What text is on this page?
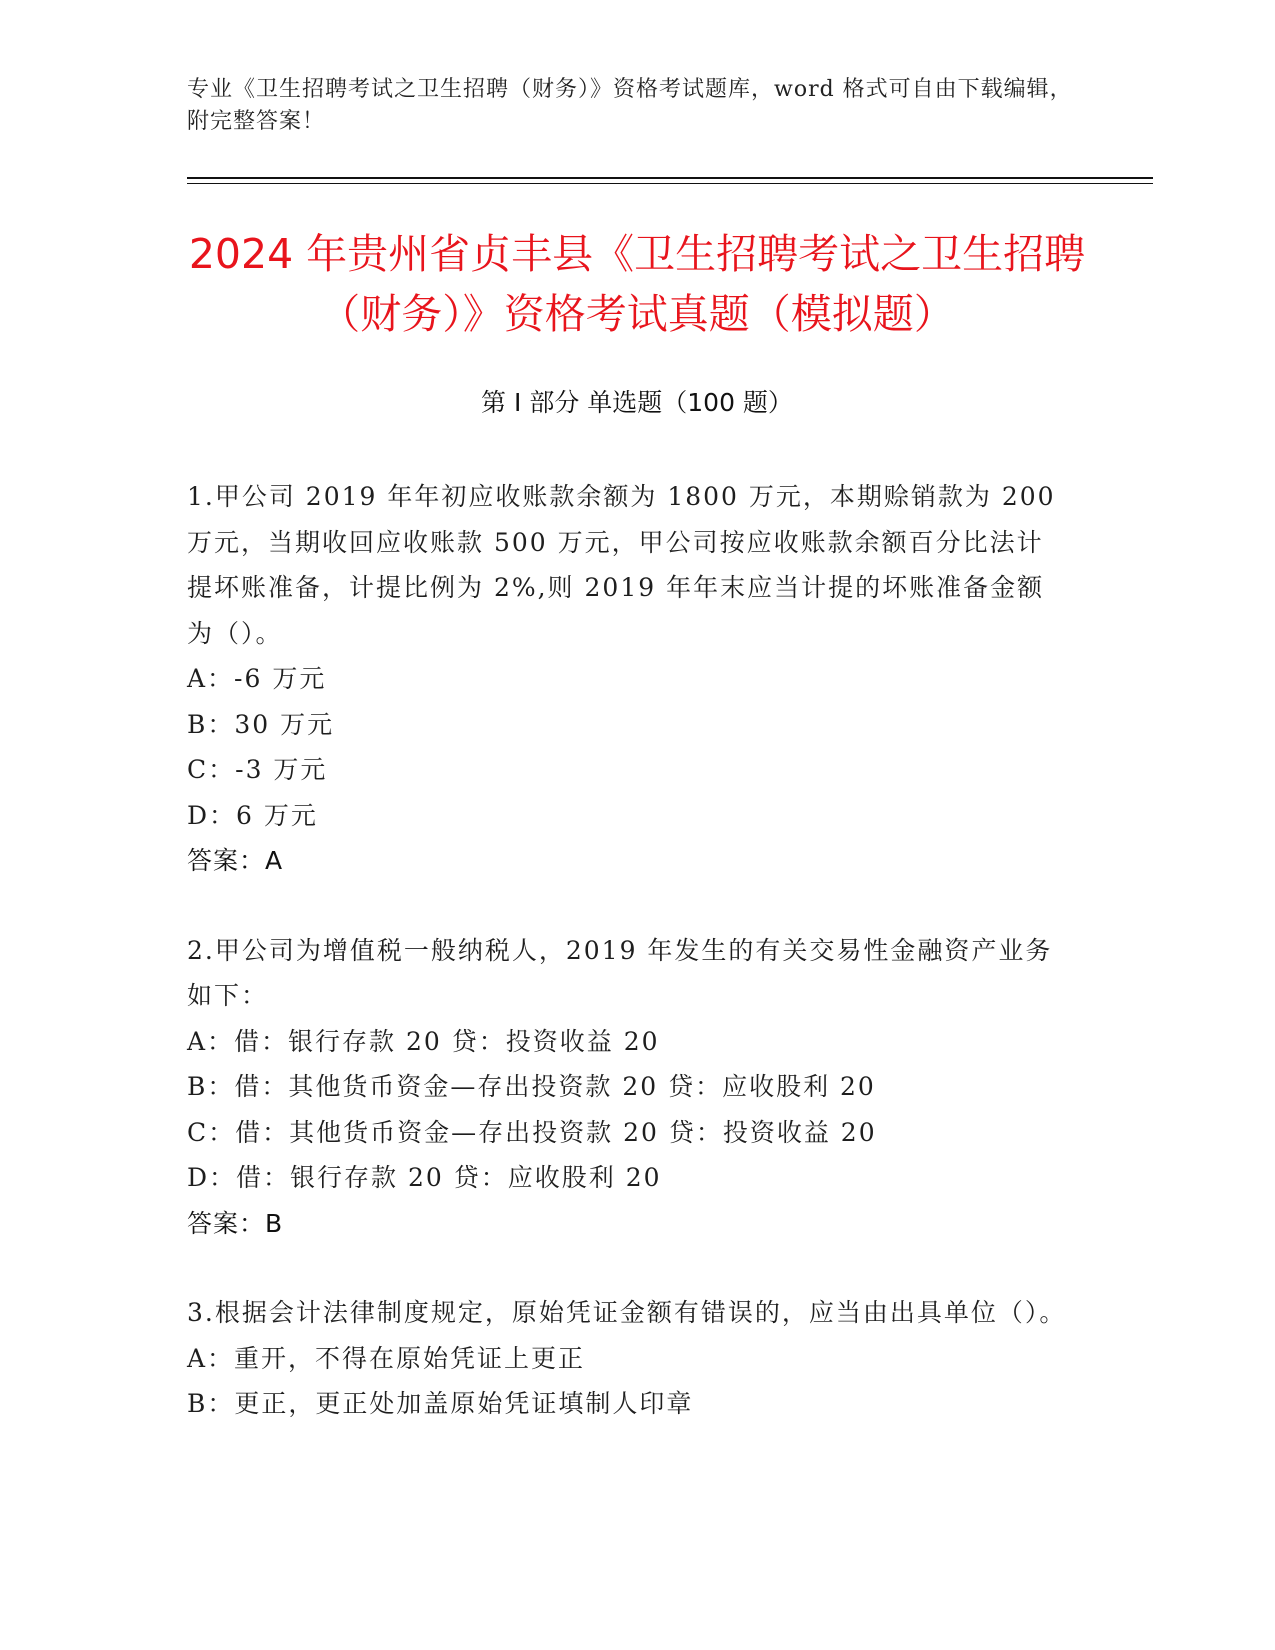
专业《卫生招聘考试之卫生招聘（财务）》资格考试题库，word 格式可自由下载编辑，附完整答案！
2024 年贵州省贞丰县《卫生招聘考试之卫生招聘（财务）》资格考试真题（模拟题）
第 I 部分 单选题（100 题）

1.甲公司 2019 年年初应收账款余额为 1800 万元，本期赊销款为 200 万元，当期收回应收账款 500 万元，甲公司按应收账款余额百分比法计提坏账准备，计提比例为 2%,则 2019 年年末应当计提的坏账准备金额为（）。

A：-6 万元

B：30 万元

C：-3 万元

D：6 万元

答案：A

2.甲公司为增值税一般纳税人，2019 年发生的有关交易性金融资产业务如下：

A：借：银行存款 20 贷：投资收益 20

B：借：其他货币资金—存出投资款 20 贷：应收股利 20

C：借：其他货币资金—存出投资款 20 贷：投资收益 20

D：借：银行存款 20 贷：应收股利 20

答案：B

3.根据会计法律制度规定，原始凭证金额有错误的，应当由出具单位（）。

A：重开，不得在原始凭证上更正

B：更正，更正处加盖原始凭证填制人印章
